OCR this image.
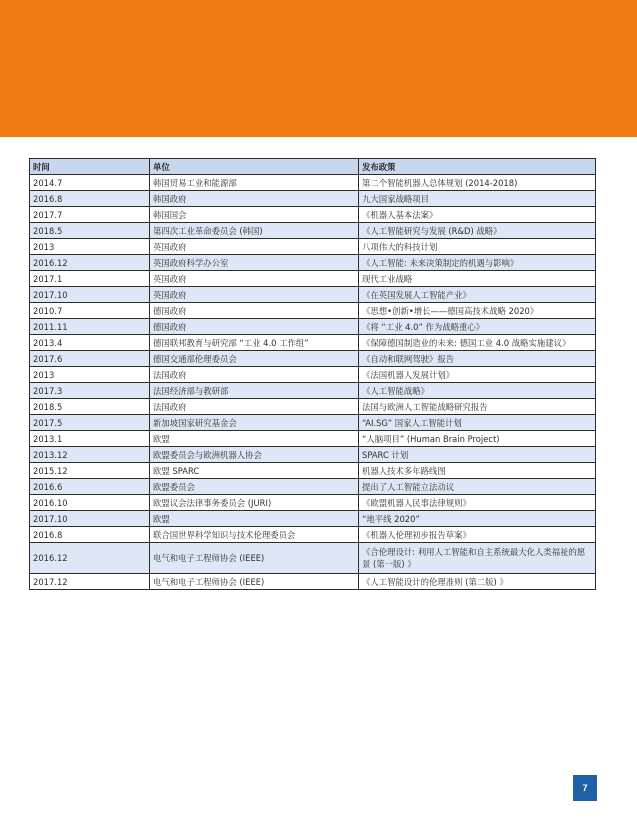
时间	单位	发布政策
2014.7	韩国贸易工业和能源部	第二个智能机器人总体规划 (2014-2018)
2016.8	韩国政府	九大国家战略项目
2017.7	韩国国会	《机器人基本法案》
2018.5	第四次工业革命委员会 (韩国)	《人工智能研究与发展 (R&D) 战略》
2013	英国政府	八项伟大的科技计划
2016.12	英国政府科学办公室	《人工智能: 未来决策制定的机遇与影响》
2017.1	英国政府	现代工业战略
2017.10	英国政府	《在英国发展人工智能产业》
2010.7	德国政府	《思想•创新•增长——德国高技术战略 2020》
2011.11	德国政府	《将 “工业 4.0” 作为战略重心》
2013.4	德国联邦教育与研究部 “工业 4.0 工作组”	《保障德国制造业的未来: 德国工业 4.0 战略实施建议》
2017.6	德国交通部伦理委员会	《自动和联网驾驶》报告
2013	法国政府	《法国机器人发展计划》
2017.3	法国经济部与教研部	《人工智能战略》
2018.5	法国政府	法国与欧洲人工智能战略研究报告
2017.5	新加坡国家研究基金会	“AI.SG” 国家人工智能计划
2013.1	欧盟	“人脑项目” (Human Brain Project)
2013.12	欧盟委员会与欧洲机器人协会	SPARC 计划
2015.12	欧盟 SPARC	机器人技术多年路线图
2016.6	欧盟委员会	提出了人工智能立法动议
2016.10	欧盟议会法律事务委员会 (JURI)	《欧盟机器人民事法律规则》
2017.10	欧盟	“地平线 2020”
2016.8	联合国世界科学知识与技术伦理委员会	《机器人伦理初步报告草案》
2016.12	电气和电子工程师协会 (IEEE)	《合伦理设计: 利用人工智能和自主系统最大化人类福祉的愿景 (第一版) 》
2017.12	电气和电子工程师协会 (IEEE)	《人工智能设计的伦理准则 (第二版) 》
7
